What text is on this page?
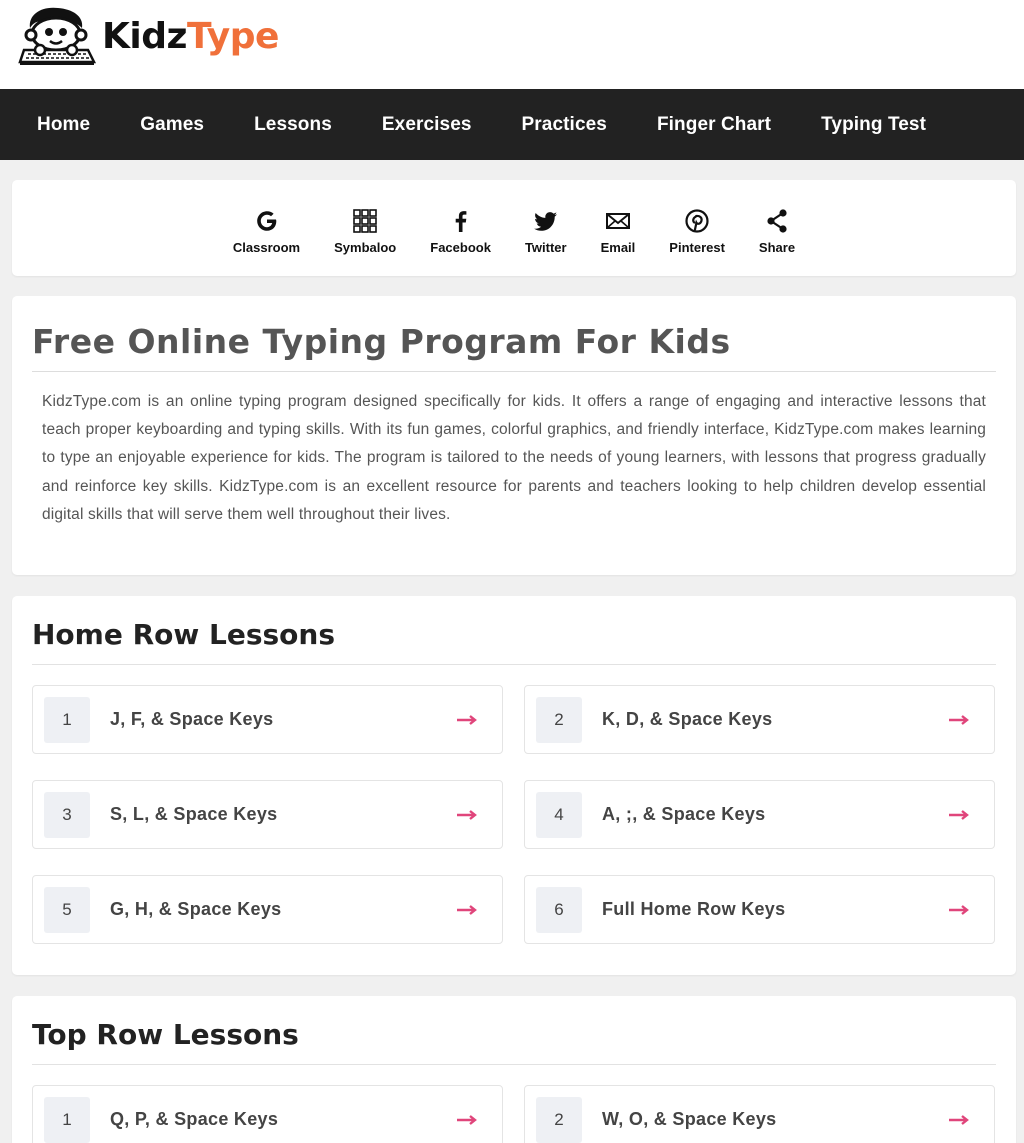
KidzType
Home	Games	Lessons	Exercises	Practices	Finger Chart	Typing Test
Classroom	Symbaloo	Facebook	Twitter	Email	Pinterest	Share
Free Online Typing Program For Kids

KidzType.com is an online typing program designed specifically for kids. It offers a range of engaging and interactive lessons that teach proper keyboarding and typing skills. With its fun games, colorful graphics, and friendly interface, KidzType.com makes learning to type an enjoyable experience for kids. The program is tailored to the needs of young learners, with lessons that progress gradually and reinforce key skills. KidzType.com is an excellent resource for parents and teachers looking to help children develop essential digital skills that will serve them well throughout their lives.

Home Row Lessons
1	J, F, & Space Keys	2	K, D, & Space Keys
3	S, L, & Space Keys	4	A, ;, & Space Keys
5	G, H, & Space Keys	6	Full Home Row Keys
Top Row Lessons
1	Q, P, & Space Keys	2	W, O, & Space Keys
